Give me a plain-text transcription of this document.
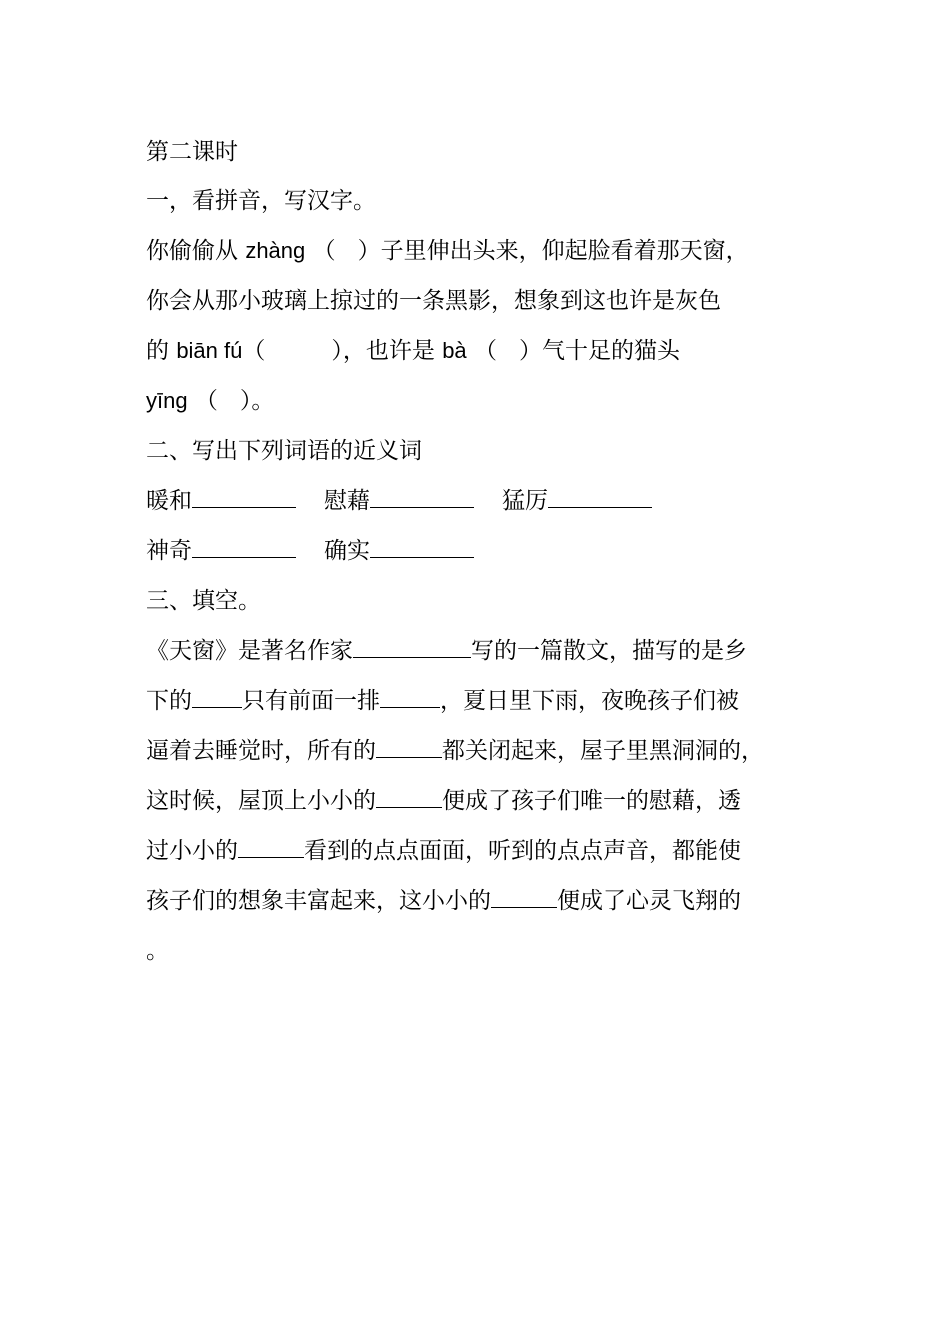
第二课时
一，看拼音，写汉字。
你偷偷从 zhàng （ ）子里伸出头来，仰起脸看着那天窗，
你会从那小玻璃上掠过的一条黑影，想象到这也许是灰色
的 biān fú（	），也许是 bà （ ）气十足的猫头
yīng （ ）。
二、写出下列词语的近义词
暖和	慰藉	猛厉
神奇	确实
三、填空。
《天窗》是著名作家	写的一篇散文，描写的是乡
下的 只有前面一排	，夏日里下雨，夜晚孩子们被
逼着去睡觉时，所有的	都关闭起来，屋子里黑洞洞的，
这时候，屋顶上小小的	便成了孩子们唯一的慰藉，透
过小小的	看到的点点面面，听到的点点声音，都能使
孩子们的想象丰富起来，这小小的	便成了心灵飞翔的
。
